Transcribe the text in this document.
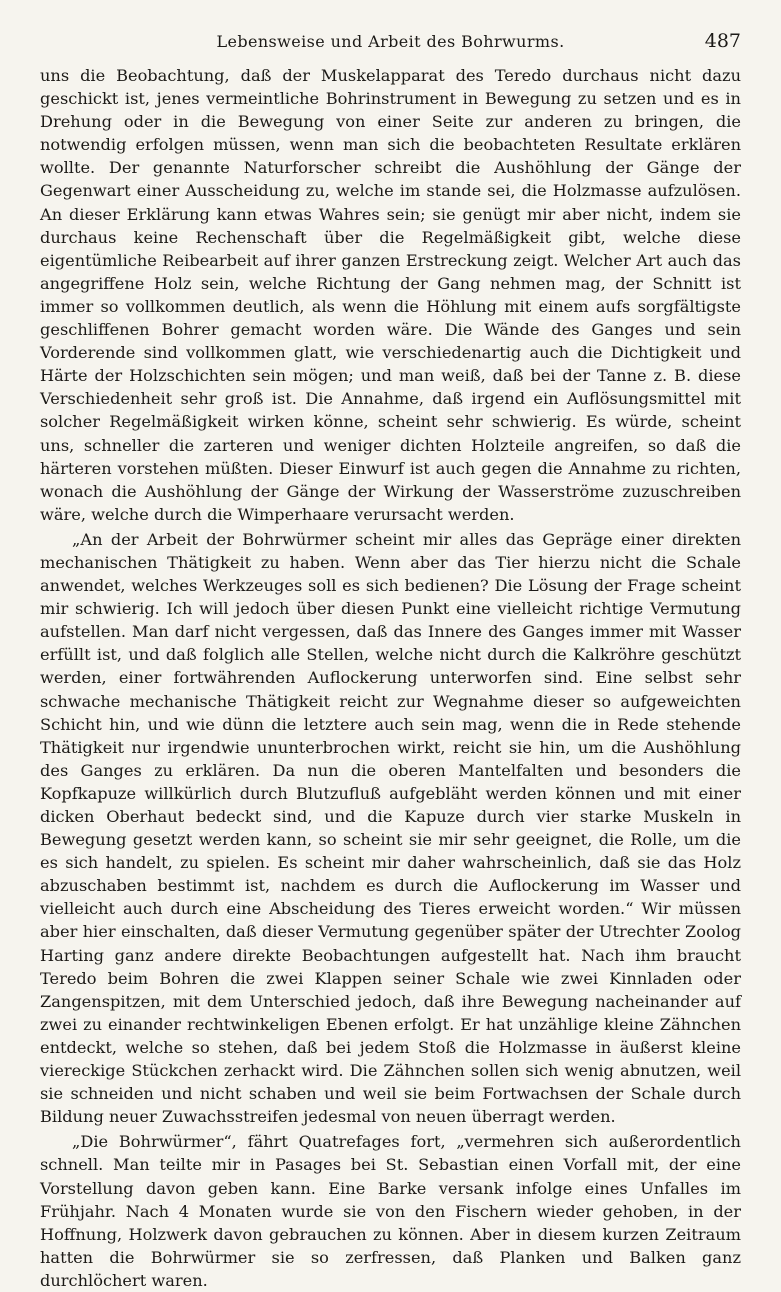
Lebensweise und Arbeit des Bohrwurms.	487

uns die Beobachtung, daß der Muskelapparat des Teredo durchaus nicht dazu geschickt ist, jenes vermeintliche Bohrinstrument in Bewegung zu setzen und es in Drehung oder in die Bewegung von einer Seite zur anderen zu bringen, die notwendig erfolgen müssen, wenn man sich die beobachteten Resultate erklären wollte. Der genannte Naturforscher schreibt die Aushöhlung der Gänge der Gegenwart einer Ausscheidung zu, welche im stande sei, die Holzmasse aufzulösen. An dieser Erklärung kann etwas Wahres sein; sie genügt mir aber nicht, indem sie durchaus keine Rechenschaft über die Regelmäßigkeit gibt, welche diese eigentümliche Reibearbeit auf ihrer ganzen Erstreckung zeigt. Welcher Art auch das angegriffene Holz sein, welche Richtung der Gang nehmen mag, der Schnitt ist immer so vollkommen deutlich, als wenn die Höhlung mit einem aufs sorgfältigste geschliffenen Bohrer gemacht worden wäre. Die Wände des Ganges und sein Vorderende sind vollkommen glatt, wie verschiedenartig auch die Dichtigkeit und Härte der Holzschichten sein mögen; und man weiß, daß bei der Tanne z. B. diese Verschiedenheit sehr groß ist. Die Annahme, daß irgend ein Auflösungsmittel mit solcher Regelmäßigkeit wirken könne, scheint sehr schwierig. Es würde, scheint uns, schneller die zarteren und weniger dichten Holzteile angreifen, so daß die härteren vorstehen müßten. Dieser Einwurf ist auch gegen die Annahme zu richten, wonach die Aushöhlung der Gänge der Wirkung der Wasserströme zuzuschreiben wäre, welche durch die Wimperhaare verursacht werden.

„An der Arbeit der Bohrwürmer scheint mir alles das Gepräge einer direkten mechanischen Thätigkeit zu haben. Wenn aber das Tier hierzu nicht die Schale anwendet, welches Werkzeuges soll es sich bedienen? Die Lösung der Frage scheint mir schwierig. Ich will jedoch über diesen Punkt eine vielleicht richtige Vermutung aufstellen. Man darf nicht vergessen, daß das Innere des Ganges immer mit Wasser erfüllt ist, und daß folglich alle Stellen, welche nicht durch die Kalkröhre geschützt werden, einer fortwährenden Auflockerung unterworfen sind. Eine selbst sehr schwache mechanische Thätigkeit reicht zur Wegnahme dieser so aufgeweichten Schicht hin, und wie dünn die letztere auch sein mag, wenn die in Rede stehende Thätigkeit nur irgendwie ununterbrochen wirkt, reicht sie hin, um die Aushöhlung des Ganges zu erklären. Da nun die oberen Mantelfalten und besonders die Kopfkapuze willkürlich durch Blutzufluß aufgebläht werden können und mit einer dicken Oberhaut bedeckt sind, und die Kapuze durch vier starke Muskeln in Bewegung gesetzt werden kann, so scheint sie mir sehr geeignet, die Rolle, um die es sich handelt, zu spielen. Es scheint mir daher wahrscheinlich, daß sie das Holz abzuschaben bestimmt ist, nachdem es durch die Auflockerung im Wasser und vielleicht auch durch eine Abscheidung des Tieres erweicht worden.“ Wir müssen aber hier einschalten, daß dieser Vermutung gegenüber später der Utrechter Zoolog Harting ganz andere direkte Beobachtungen aufgestellt hat. Nach ihm braucht Teredo beim Bohren die zwei Klappen seiner Schale wie zwei Kinnladen oder Zangenspitzen, mit dem Unterschied jedoch, daß ihre Bewegung nacheinander auf zwei zu einander rechtwinkeligen Ebenen erfolgt. Er hat unzählige kleine Zähnchen entdeckt, welche so stehen, daß bei jedem Stoß die Holzmasse in äußerst kleine viereckige Stückchen zerhackt wird. Die Zähnchen sollen sich wenig abnutzen, weil sie schneiden und nicht schaben und weil sie beim Fortwachsen der Schale durch Bildung neuer Zuwachsstreifen jedesmal von neuen überragt werden.

„Die Bohrwürmer“, fährt Quatrefages fort, „vermehren sich außerordentlich schnell. Man teilte mir in Pasages bei St. Sebastian einen Vorfall mit, der eine Vorstellung davon geben kann. Eine Barke versank infolge eines Unfalles im Frühjahr. Nach 4 Monaten wurde sie von den Fischern wieder gehoben, in der Hoffnung, Holzwerk davon gebrauchen zu können. Aber in diesem kurzen Zeitraum hatten die Bohrwürmer sie so zerfressen, daß Planken und Balken ganz durchlöchert waren.
